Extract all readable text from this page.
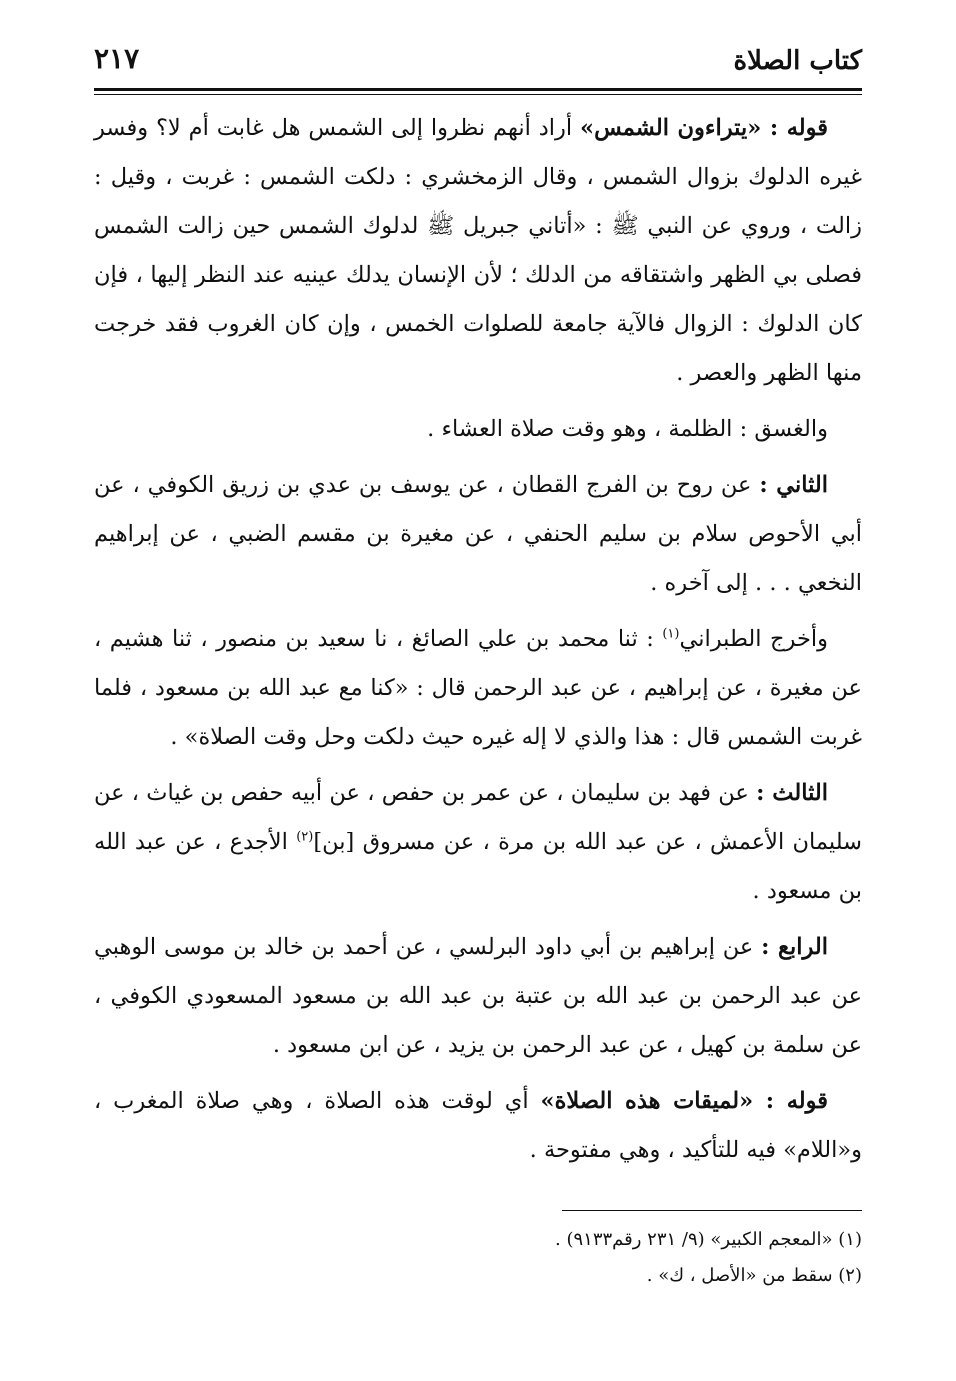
كتاب الصلاة
٢١٧

قوله : «يتراءون الشمس» أراد أنهم نظروا إلى الشمس هل غابت أم لا؟ وفسر غيره الدلوك بزوال الشمس ، وقال الزمخشري : دلكت الشمس : غربت ، وقيل : زالت ، وروي عن النبي ﷺ : «أتاني جبريل ﷺ لدلوك الشمس حين زالت الشمس فصلى بي الظهر واشتقاقه من الدلك ؛ لأن الإنسان يدلك عينيه عند النظر إليها ، فإن كان الدلوك : الزوال فالآية جامعة للصلوات الخمس ، وإن كان الغروب فقد خرجت منها الظهر والعصر .

والغسق : الظلمة ، وهو وقت صلاة العشاء .

الثاني : عن روح بن الفرج القطان ، عن يوسف بن عدي بن زريق الكوفي ، عن أبي الأحوص سلام بن سليم الحنفي ، عن مغيرة بن مقسم الضبي ، عن إبراهيم النخعي . . . إلى آخره .

وأخرج الطبراني$^{(١)}$ : ثنا محمد بن علي الصائغ ، نا سعيد بن منصور ، ثنا هشيم ، عن مغيرة ، عن إبراهيم ، عن عبد الرحمن قال : «كنا مع عبد الله بن مسعود ، فلما غربت الشمس قال : هذا والذي لا إله غيره حيث دلكت وحل وقت الصلاة» .

الثالث : عن فهد بن سليمان ، عن عمر بن حفص ، عن أبيه حفص بن غياث ، عن سليمان الأعمش ، عن عبد الله بن مرة ، عن مسروق [بن]$^{(٢)}$ الأجدع ، عن عبد الله بن مسعود .

الرابع : عن إبراهيم بن أبي داود البرلسي ، عن أحمد بن خالد بن موسى الوهبي عن عبد الرحمن بن عبد الله بن عتبة بن عبد الله بن مسعود المسعودي الكوفي ، عن سلمة بن كهيل ، عن عبد الرحمن بن يزيد ، عن ابن مسعود .

قوله : «لميقات هذه الصلاة» أي لوقت هذه الصلاة ، وهي صلاة المغرب ، و«اللام» فيه للتأكيد ، وهي مفتوحة .

(١) «المعجم الكبير» (٩/ ٢٣١ رقم٩١٣٣) .
(٢) سقط من «الأصل ، ك» .
